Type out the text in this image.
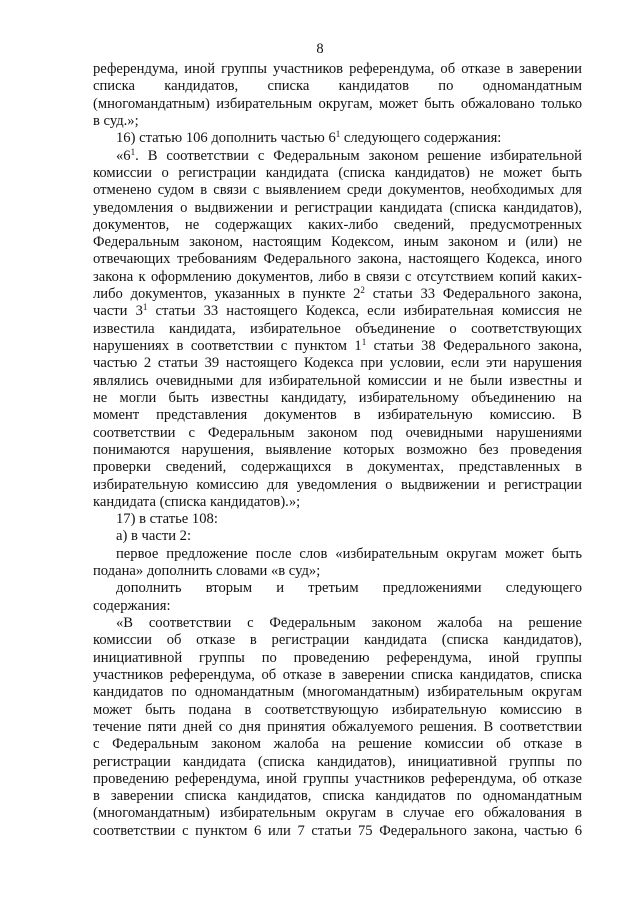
8
референдума, иной группы участников референдума, об отказе в заверении
списка кандидатов, списка кандидатов по одномандатным
(многомандатным) избирательным округам, может быть обжаловано только
в суд.»;
16) статью 106 дополнить частью $6^1$ следующего содержания:
«$6^1$. В соответствии с Федеральным законом решение избирательной
комиссии о регистрации кандидата (списка кандидатов) не может быть
отменено судом в связи с выявлением среди документов, необходимых для
уведомления о выдвижении и регистрации кандидата (списка кандидатов),
документов, не содержащих каких-либо сведений, предусмотренных
Федеральным законом, настоящим Кодексом, иным законом и (или) не
отвечающих требованиям Федерального закона, настоящего Кодекса, иного
закона к оформлению документов, либо в связи с отсутствием копий каких-
либо документов, указанных в пункте $2^2$ статьи 33 Федерального закона,
части $3^1$ статьи 33 настоящего Кодекса, если избирательная комиссия не
известила кандидата, избирательное объединение о соответствующих
нарушениях в соответствии с пунктом $1^1$ статьи 38 Федерального закона,
частью 2 статьи 39 настоящего Кодекса при условии, если эти нарушения
являлись очевидными для избирательной комиссии и не были известны и
не могли быть известны кандидату, избирательному объединению на
момент представления документов в избирательную комиссию. В
соответствии с Федеральным законом под очевидными нарушениями
понимаются нарушения, выявление которых возможно без проведения
проверки сведений, содержащихся в документах, представленных в
избирательную комиссию для уведомления о выдвижении и регистрации
кандидата (списка кандидатов).»;
17) в статье 108:
а) в части 2:
первое предложение после слов «избирательным округам может быть
подана» дополнить словами «в суд»;
дополнить вторым и третьим предложениями следующего
содержания:
«В соответствии с Федеральным законом жалоба на решение
комиссии об отказе в регистрации кандидата (списка кандидатов),
инициативной группы по проведению референдума, иной группы
участников референдума, об отказе в заверении списка кандидатов, списка
кандидатов по одномандатным (многомандатным) избирательным округам
может быть подана в соответствующую избирательную комиссию в
течение пяти дней со дня принятия обжалуемого решения. В соответствии
с Федеральным законом жалоба на решение комиссии об отказе в
регистрации кандидата (списка кандидатов), инициативной группы по
проведению референдума, иной группы участников референдума, об отказе
в заверении списка кандидатов, списка кандидатов по одномандатным
(многомандатным) избирательным округам в случае его обжалования в
соответствии с пунктом 6 или 7 статьи 75 Федерального закона, частью 6
